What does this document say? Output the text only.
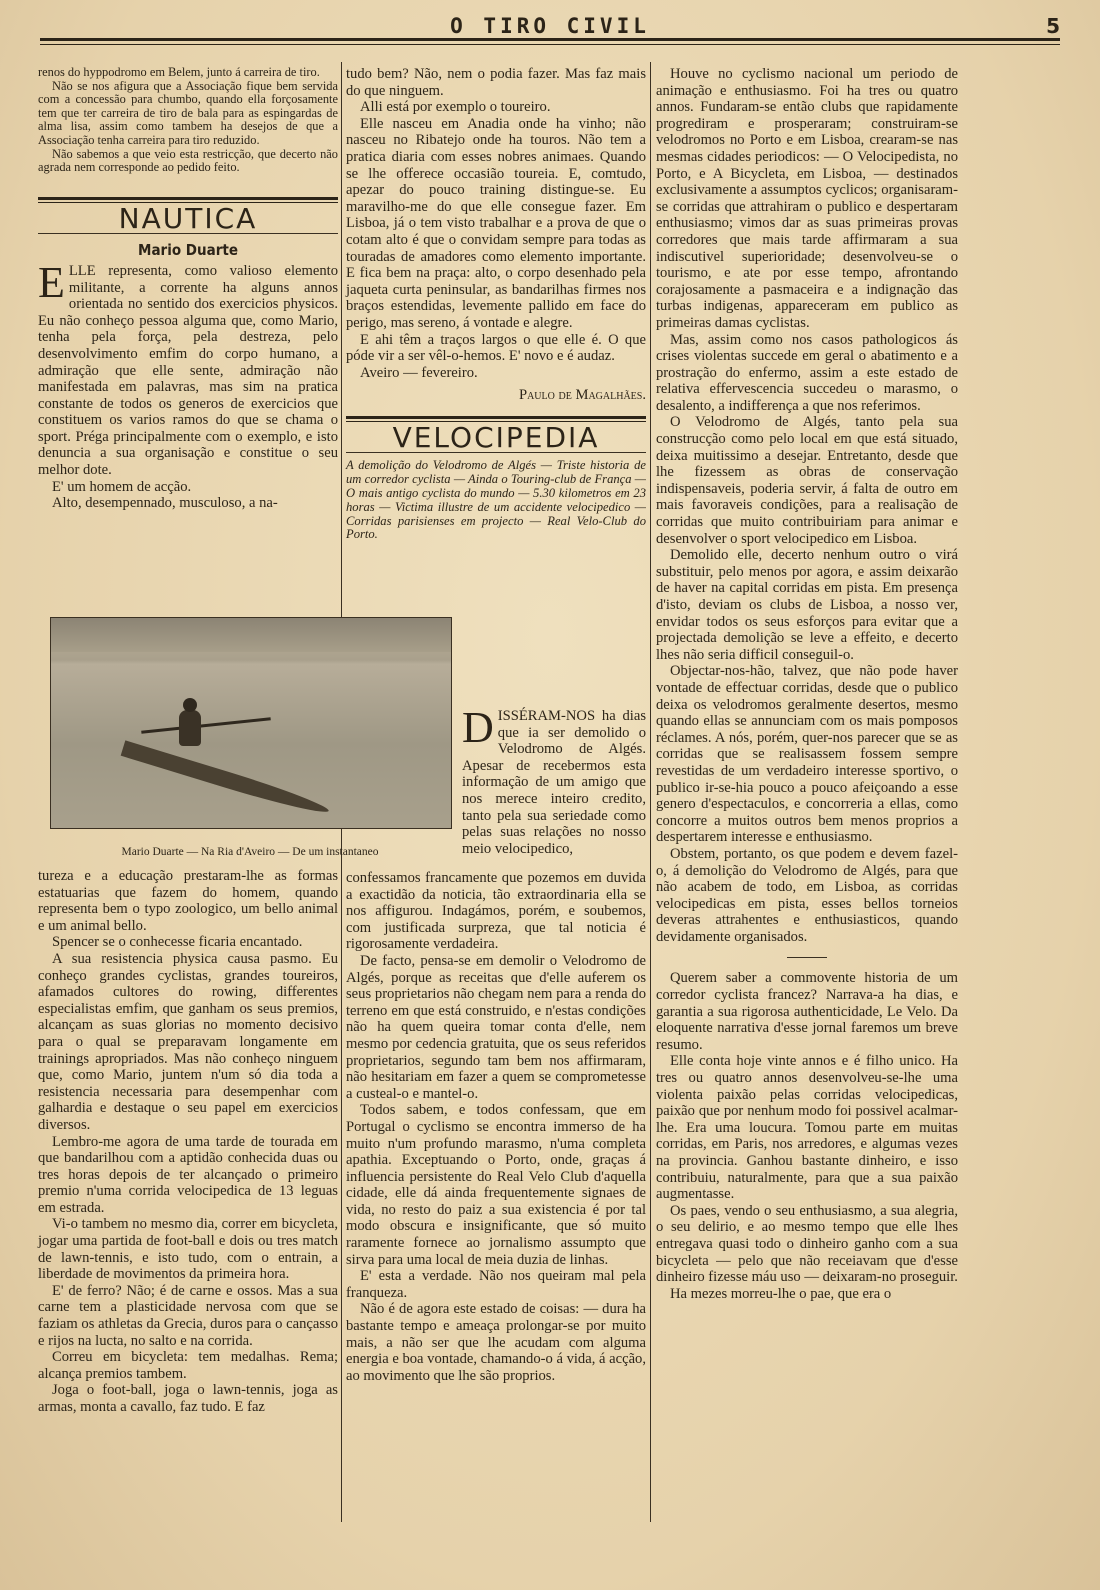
O TIRO CIVIL	5

renos do hyppodromo em Belem, junto á carreira de tiro.

Não se nos afigura que a Associação fique bem servida com a concessão para chumbo, quando ella forçosamente tem que ter carreira de tiro de bala para as espingardas de alma lisa, assim como tambem ha desejos de que a Associação tenha carreira para tiro reduzido.

Não sabemos a que veio esta restricção, que decerto não agrada nem corresponde ao pedido feito.

NAUTICA
Mario Duarte
E LLE representa, como valioso elemento militante, a corrente ha alguns annos orientada no sentido dos exercicios physicos. Eu não conheço pessoa alguma que, como Mario, tenha pela força, pela destreza, pelo desenvolvimento emfim do corpo humano, a admiração que elle sente, admiração não manifestada em palavras, mas sim na pratica constante de todos os generos de exercicios que constituem os varios ramos do que se chama o sport. Préga principalmente com o exemplo, e isto denuncia a sua organisação e constitue o seu melhor dote.

E' um homem de acção.

Alto, desempennado, musculoso, a na-

Mario Duarte — Na Ria d'Aveiro — De um instantaneo

tureza e a educação prestaram-lhe as formas estatuarias que fazem do homem, quando representa bem o typo zoologico, um bello animal e um animal bello.

Spencer se o conhecesse ficaria encantado.

A sua resistencia physica causa pasmo. Eu conheço grandes cyclistas, grandes toureiros, afamados cultores do rowing, differentes especialistas emfim, que ganham os seus premios, alcançam as suas glorias no momento decisivo para o qual se preparavam longamente em trainings apropriados. Mas não conheço ninguem que, como Mario, juntem n'um só dia toda a resistencia necessaria para desempenhar com galhardia e destaque o seu papel em exercicios diversos.

Lembro-me agora de uma tarde de tourada em que bandarilhou com a aptidão conhecida duas ou tres horas depois de ter alcançado o primeiro premio n'uma corrida velocipedica de 13 leguas em estrada.

Vi-o tambem no mesmo dia, correr em bicycleta, jogar uma partida de foot-ball e dois ou tres match de lawn-tennis, e isto tudo, com o entrain, a liberdade de movimentos da primeira hora.

E' de ferro? Não; é de carne e ossos. Mas a sua carne tem a plasticidade nervosa com que se faziam os athletas da Grecia, duros para o cançasso e rijos na lucta, no salto e na corrida.

Correu em bicycleta: tem medalhas. Rema; alcança premios tambem.

Joga o foot-ball, joga o lawn-tennis, joga as armas, monta a cavallo, faz tudo. E faz

tudo bem? Não, nem o podia fazer. Mas faz mais do que ninguem.

Alli está por exemplo o toureiro.

Elle nasceu em Anadia onde ha vinho; não nasceu no Ribatejo onde ha touros. Não tem a pratica diaria com esses nobres animaes. Quando se lhe offerece occasião toureia. E, comtudo, apezar do pouco training distingue-se. Eu maravilho-me do que elle consegue fazer. Em Lisboa, já o tem visto trabalhar e a prova de que o cotam alto é que o convidam sempre para todas as touradas de amadores como elemento importante. E fica bem na praça: alto, o corpo desenhado pela jaqueta curta peninsular, as bandarilhas firmes nos braços estendidas, levemente pallido em face do perigo, mas sereno, á vontade e alegre.

E ahi têm a traços largos o que elle é. O que póde vir a ser vêl-o-hemos. E' novo e é audaz.

Aveiro — fevereiro.

Paulo de Magalhães.
VELOCIPEDIA
A demolição do Velodromo de Algés — Triste historia de um corredor cyclista — Ainda o Touring-club de França — O mais antigo cyclista do mundo — 5.30 kilometros em 23 horas — Victima illustre de um accidente velocipedico — Corridas parisienses em projecto — Real Velo-Club do Porto.
D ISSÉRAM-NOS ha dias que ia ser demolido o Velodromo de Algés. Apesar de recebermos esta informação de um amigo que nos merece inteiro credito, tanto pela sua seriedade como pelas suas relações no nosso meio velocipedico,

confessamos francamente que pozemos em duvida a exactidão da noticia, tão extraordinaria ella se nos affigurou. Indagámos, porém, e soubemos, com justificada surpreza, que tal noticia é rigorosamente verdadeira.

De facto, pensa-se em demolir o Velodromo de Algés, porque as receitas que d'elle auferem os seus proprietarios não chegam nem para a renda do terreno em que está construido, e n'estas condições não ha quem queira tomar conta d'elle, nem mesmo por cedencia gratuita, que os seus referidos proprietarios, segundo tam bem nos affirmaram, não hesitariam em fazer a quem se comprometesse a custeal-o e mantel-o.

Todos sabem, e todos confessam, que em Portugal o cyclismo se encontra immerso de ha muito n'um profundo marasmo, n'uma completa apathia. Exceptuando o Porto, onde, graças á influencia persistente do Real Velo Club d'aquella cidade, elle dá ainda frequentemente signaes de vida, no resto do paiz a sua existencia é por tal modo obscura e insignificante, que só muito raramente fornece ao jornalismo assumpto que sirva para uma local de meia duzia de linhas.

E' esta a verdade. Não nos queiram mal pela franqueza.

Não é de agora este estado de coisas: — dura ha bastante tempo e ameaça prolongar-se por muito mais, a não ser que lhe acudam com alguma energia e boa vontade, chamando-o á vida, á acção, ao movimento que lhe são proprios.

Houve no cyclismo nacional um periodo de animação e enthusiasmo. Foi ha tres ou quatro annos. Fundaram-se então clubs que rapidamente progrediram e prosperaram; construiram-se velodromos no Porto e em Lisboa, crearam-se nas mesmas cidades periodicos: — O Velocipedista, no Porto, e A Bicycleta, em Lisboa, — destinados exclusivamente a assumptos cyclicos; organisaram-se corridas que attrahiram o publico e despertaram enthusiasmo; vimos dar as suas primeiras provas corredores que mais tarde affirmaram a sua indiscutivel superioridade; desenvolveu-se o tourismo, e ate por esse tempo, afrontando corajosamente a pasmaceira e a indignação das turbas indigenas, appareceram em publico as primeiras damas cyclistas.

Mas, assim como nos casos pathologicos ás crises violentas succede em geral o abatimento e a prostração do enfermo, assim a este estado de relativa effervescencia succedeu o marasmo, o desalento, a indifferença a que nos referimos.

O Velodromo de Algés, tanto pela sua construcção como pelo local em que está situado, deixa muitissimo a desejar. Entretanto, desde que lhe fizessem as obras de conservação indispensaveis, poderia servir, á falta de outro em mais favoraveis condições, para a realisação de corridas que muito contribuiriam para animar e desenvolver o sport velocipedico em Lisboa.

Demolido elle, decerto nenhum outro o virá substituir, pelo menos por agora, e assim deixarão de haver na capital corridas em pista. Em presença d'isto, deviam os clubs de Lisboa, a nosso ver, envidar todos os seus esforços para evitar que a projectada demolição se leve a effeito, e decerto lhes não seria difficil conseguil-o.

Objectar-nos-hão, talvez, que não pode haver vontade de effectuar corridas, desde que o publico deixa os velodromos geralmente desertos, mesmo quando ellas se annunciam com os mais pomposos réclames. A nós, porém, quer-nos parecer que se as corridas que se realisassem fossem sempre revestidas de um verdadeiro interesse sportivo, o publico ir-se-hia pouco a pouco afeiçoando a esse genero d'espectaculos, e concorreria a ellas, como concorre a muitos outros bem menos proprios a despertarem interesse e enthusiasmo.

Obstem, portanto, os que podem e devem fazel-o, á demolição do Velodromo de Algés, para que não acabem de todo, em Lisboa, as corridas velocipedicas em pista, esses bellos torneios deveras attrahentes e enthusiasticos, quando devidamente organisados.

Querem saber a commovente historia de um corredor cyclista francez? Narrava-a ha dias, e garantia a sua rigorosa authenticidade, Le Velo. Da eloquente narrativa d'esse jornal faremos um breve resumo.

Elle conta hoje vinte annos e é filho unico. Ha tres ou quatro annos desenvolveu-se-lhe uma violenta paixão pelas corridas velocipedicas, paixão que por nenhum modo foi possivel acalmar-lhe. Era uma loucura. Tomou parte em muitas corridas, em Paris, nos arredores, e algumas vezes na provincia. Ganhou bastante dinheiro, e isso contribuiu, naturalmente, para que a sua paixão augmentasse.

Os paes, vendo o seu enthusiasmo, a sua alegria, o seu delirio, e ao mesmo tempo que elle lhes entregava quasi todo o dinheiro ganho com a sua bicycleta — pelo que não receiavam que d'esse dinheiro fizesse máu uso — deixaram-no proseguir.

Ha mezes morreu-lhe o pae, que era o
